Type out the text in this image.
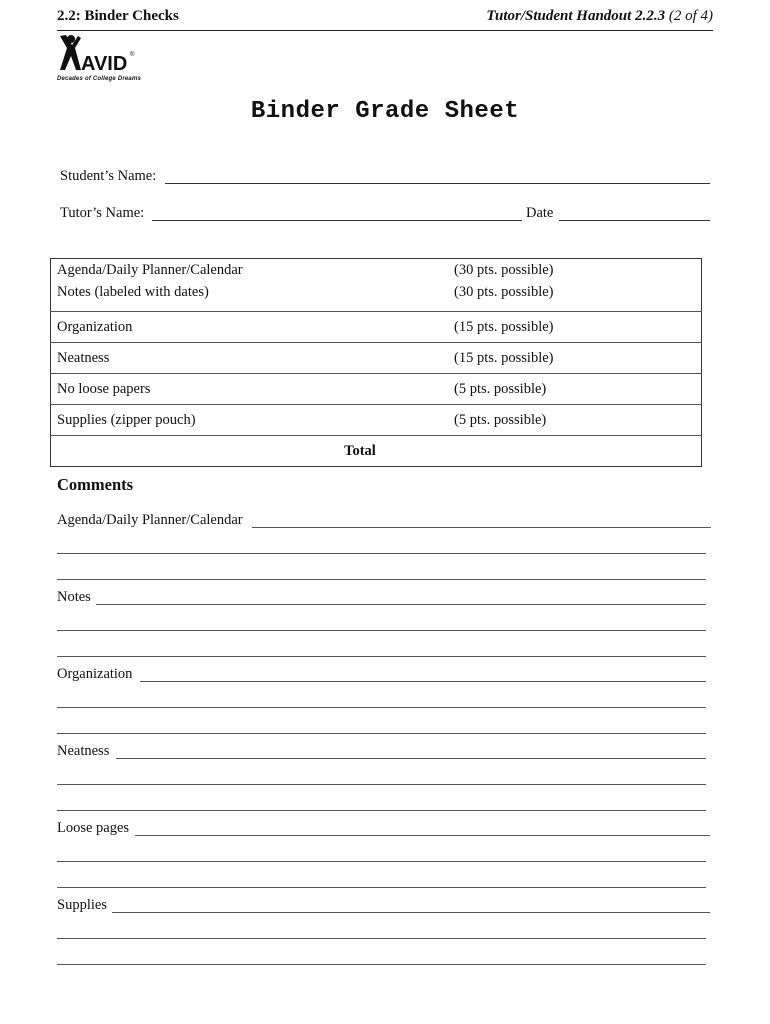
2.2: Binder Checks	Tutor/Student Handout 2.2.3 (2 of 4)
AVID ®
Decades of College Dreams
Binder Grade Sheet
Student’s Name:
Tutor’s Name:	Date
Agenda/Daily Planner/Calendar	(30 pts. possible)
Notes (labeled with dates)	(30 pts. possible)
Organization	(15 pts. possible)
Neatness	(15 pts. possible)
No loose papers	(5 pts. possible)
Supplies (zipper pouch)	(5 pts. possible)
Total	
Comments
Agenda/Daily Planner/Calendar
Notes
Organization
Neatness
Loose pages
Supplies
